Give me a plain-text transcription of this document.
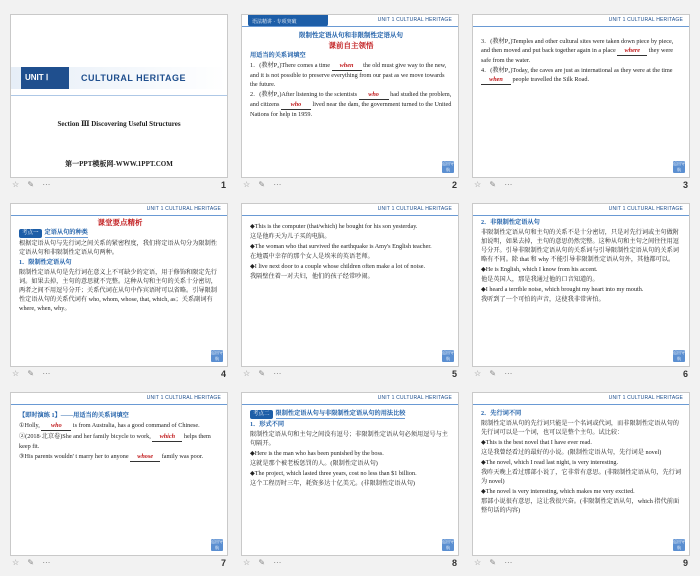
UNIT Ⅰ	CULTURAL HERITAGE
Section Ⅲ Discovering Useful Structures
第一PPT模板网-WWW.1PPT.COM
☆ ✎ ⋯	1
语法精讲 · 专项突破	UNIT 1 CULTURAL HERITAGE

限制性定语从句和非限制性定语从句

课前自主领悟

用适当的关系词填空

1．(教材P₂)There comes a time when the old must give way to the new, and it is not possible to preserve everything from our past as we move towards the future.

2．(教材P₂)After listening to the scientists who had studied the problem, and citizens who lived near the dam, the government turned to the United Nations for help in 1959.

返回导航
☆ ✎ ⋯	2
UNIT 1 CULTURAL HERITAGE

3．(教材P₂)Temples and other cultural sites were taken down piece by piece, and then moved and put back together again in a place where they were safe from the water.

4．(教材P₂)Today, the caves are just as international as they were at the time when people travelled the Silk Road.

返回导航
☆ ✎ ⋯	3
UNIT 1 CULTURAL HERITAGE

课堂要点精析

考点一 定语从句的种类

根据定语从句与先行词之间关系的紧密程度，我们将定语从句分为限制性定语从句和非限制性定语从句两种。

1．限制性定语从句

限制性定语从句是先行词在意义上不可缺少的定语，用于修饰和限定先行词。如果去掉，主句的意思就不完整。这种从句和主句的关系十分密切，两者之间不用逗号分开；关系代词在从句中作宾语时可以省略。引导限制性定语从句的关系代词有 who, whom, whose, that, which, as；关系副词有 where, when, why。

返回导航
☆ ✎ ⋯	4
UNIT 1 CULTURAL HERITAGE

◆This is the computer (that/which) he bought for his son yesterday.

这是他昨天为儿子买的电脑。

◆The woman who that survived the earthquake is Amy's English teacher.

在地震中幸存的那个女人是埃米的英语老师。

◆I live next door to a couple whose children often make a lot of noise.

我隔壁住着一对夫妇，他们的孩子经常吵闹。

返回导航
☆ ✎ ⋯	5
UNIT 1 CULTURAL HERITAGE

2．非限制性定语从句

非限制性定语从句和主句的关系不是十分密切，只是对先行词或主句做附加说明，如果去掉，主句的意思仍然完整。这种从句和主句之间往往用逗号分开。引导非限制性定语从句的关系词与引导限制性定语从句的关系词略有不同。除 that 和 why 不能引导非限制性定语从句外，其他都可以。

◆He is English, which I know from his accent.

他是英国人，那是我通过他的口音知道的。

◆I heard a terrible noise, which brought my heart into my mouth.

我听到了一个可怕的声音，这使我非常害怕。

返回导航
☆ ✎ ⋯	6
UNIT 1 CULTURAL HERITAGE

【即时演练 1】——用适当的关系词填空

①Holly, who is from Australia, has a good command of Chinese.

②(2018·北京卷)She and her family bicycle to work, which helps them keep fit.

③His parents wouldn' t marry her to anyone whose family was poor.

返回导航
☆ ✎ ⋯	7
UNIT 1 CULTURAL HERITAGE

考点二 限制性定语从句与非限制性定语从句的用法比较

1．形式不同

限制性定语从句和主句之间没有逗号；非限制性定语从句必须用逗号与主句隔开。

◆Here is the man who has been punished by the boss.

这就是那个被老板惩罚的人。(限制性定语从句)

◆The project, which lasted three years, cost no less than $1 billion.

这个工程历时三年，耗资多达十亿美元。(非限制性定语从句)

返回导航
☆ ✎ ⋯	8
UNIT 1 CULTURAL HERITAGE

2．先行词不同

限制性定语从句的先行词只能是一个名词或代词，而非限制性定语从句的先行词可以是一个词，也可以是整个主句。试比较：

◆This is the best novel that I have ever read.

这是我曾经看过的最好的小说。(限制性定语从句，先行词是 novel)

◆The novel, which I read last night, is very interesting.

我昨天晚上看过那部小说了，它非常有意思。(非限制性定语从句，先行词为 novel)

◆The novel is very interesting, which makes me very excited.

那部小说很有意思，这让我很兴奋。(非限制性定语从句，which 指代前面整句话的内容)

返回导航
☆ ✎ ⋯	9
